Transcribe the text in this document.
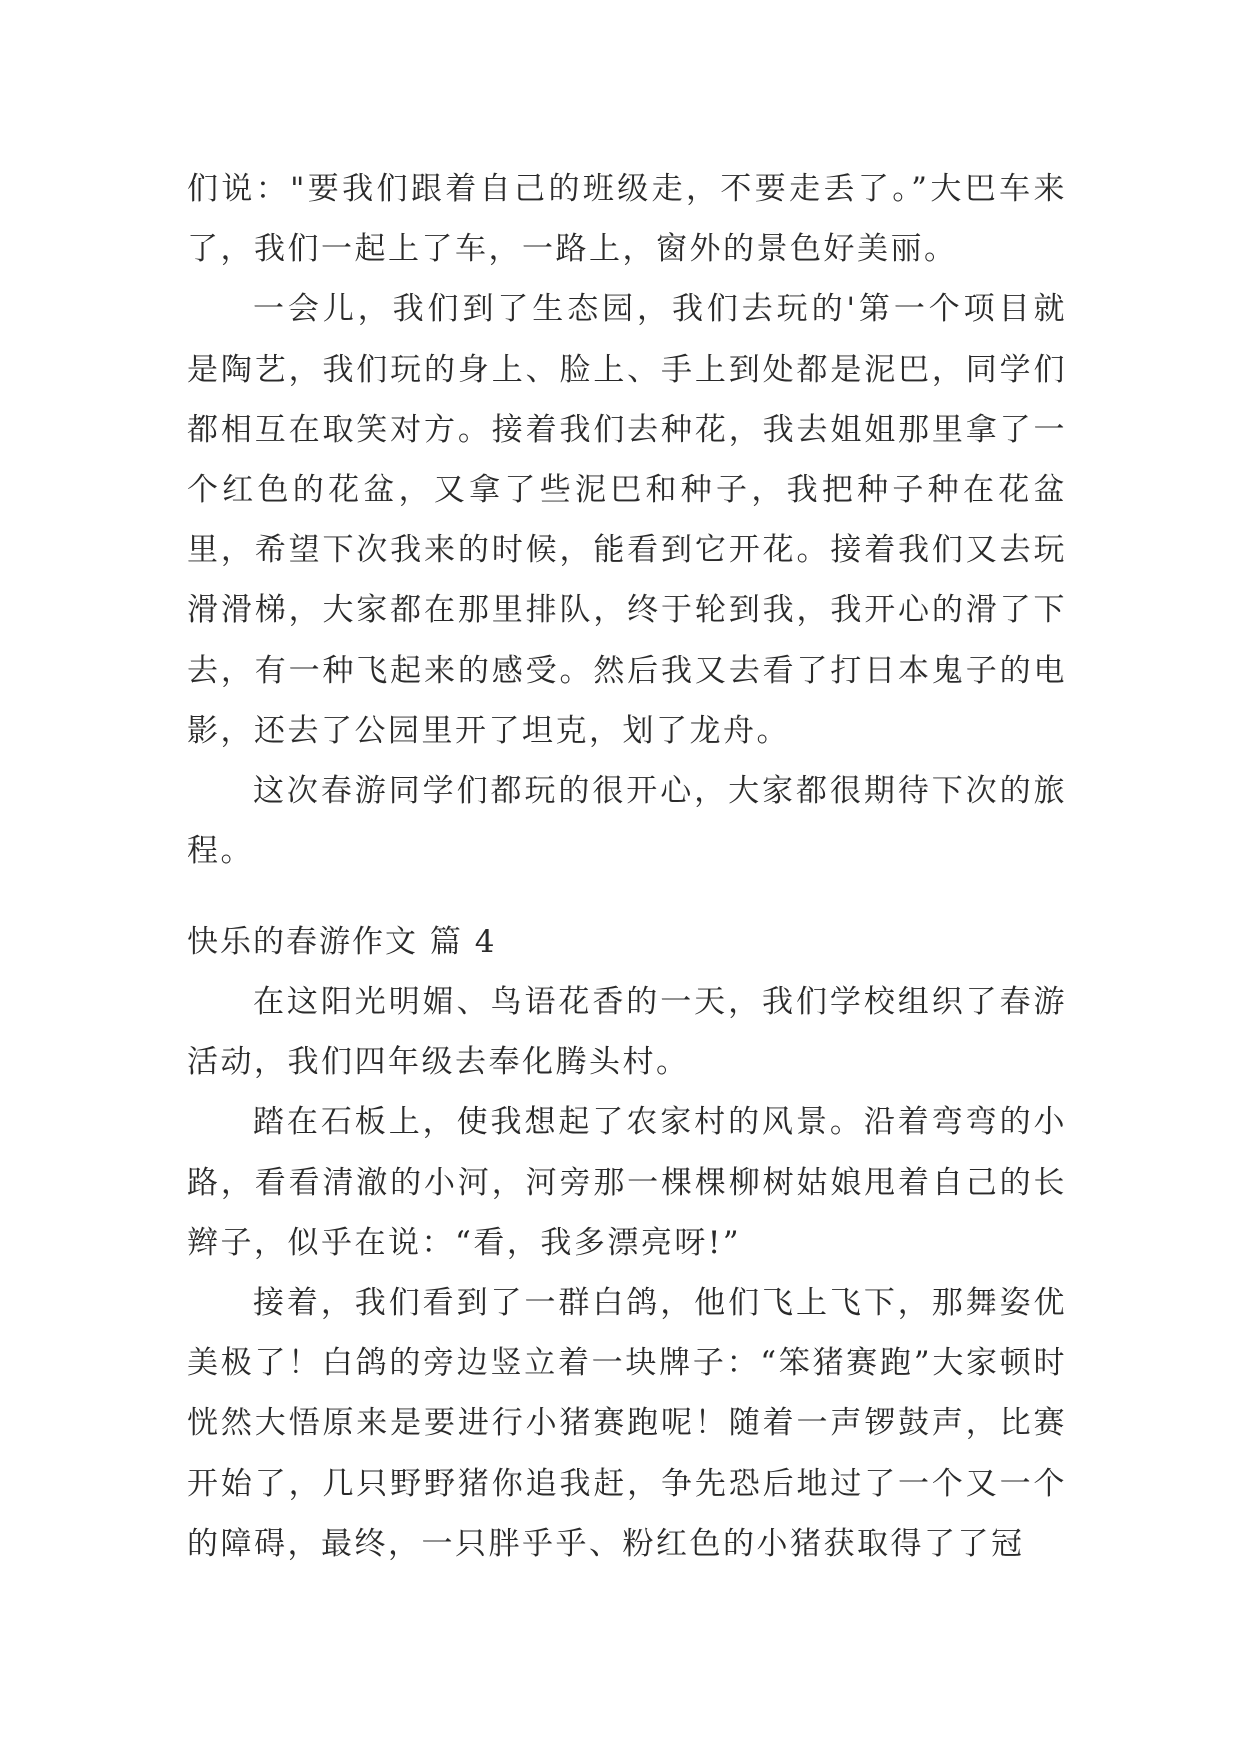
们说："要我们跟着自己的班级走，不要走丢了。”大巴车来了，我们一起上了车，一路上，窗外的景色好美丽。

一会儿，我们到了生态园，我们去玩的'第一个项目就是陶艺，我们玩的身上、脸上、手上到处都是泥巴，同学们都相互在取笑对方。接着我们去种花，我去姐姐那里拿了一个红色的花盆，又拿了些泥巴和种子，我把种子种在花盆里，希望下次我来的时候，能看到它开花。接着我们又去玩滑滑梯，大家都在那里排队，终于轮到我，我开心的滑了下去，有一种飞起来的感受。然后我又去看了打日本鬼子的电影，还去了公园里开了坦克，划了龙舟。

这次春游同学们都玩的很开心，大家都很期待下次的旅程。

快乐的春游作文 篇 4

在这阳光明媚、鸟语花香的一天，我们学校组织了春游活动，我们四年级去奉化腾头村。

踏在石板上，使我想起了农家村的风景。沿着弯弯的小路，看看清澈的小河，河旁那一棵棵柳树姑娘甩着自己的长辫子，似乎在说：“看，我多漂亮呀!”

接着，我们看到了一群白鸽，他们飞上飞下，那舞姿优美极了！白鸽的旁边竖立着一块牌子：“笨猪赛跑”大家顿时恍然大悟原来是要进行小猪赛跑呢！随着一声锣鼓声，比赛开始了，几只野野猪你追我赶，争先恐后地过了一个又一个的障碍，最终，一只胖乎乎、粉红色的小猪获取得了了冠
